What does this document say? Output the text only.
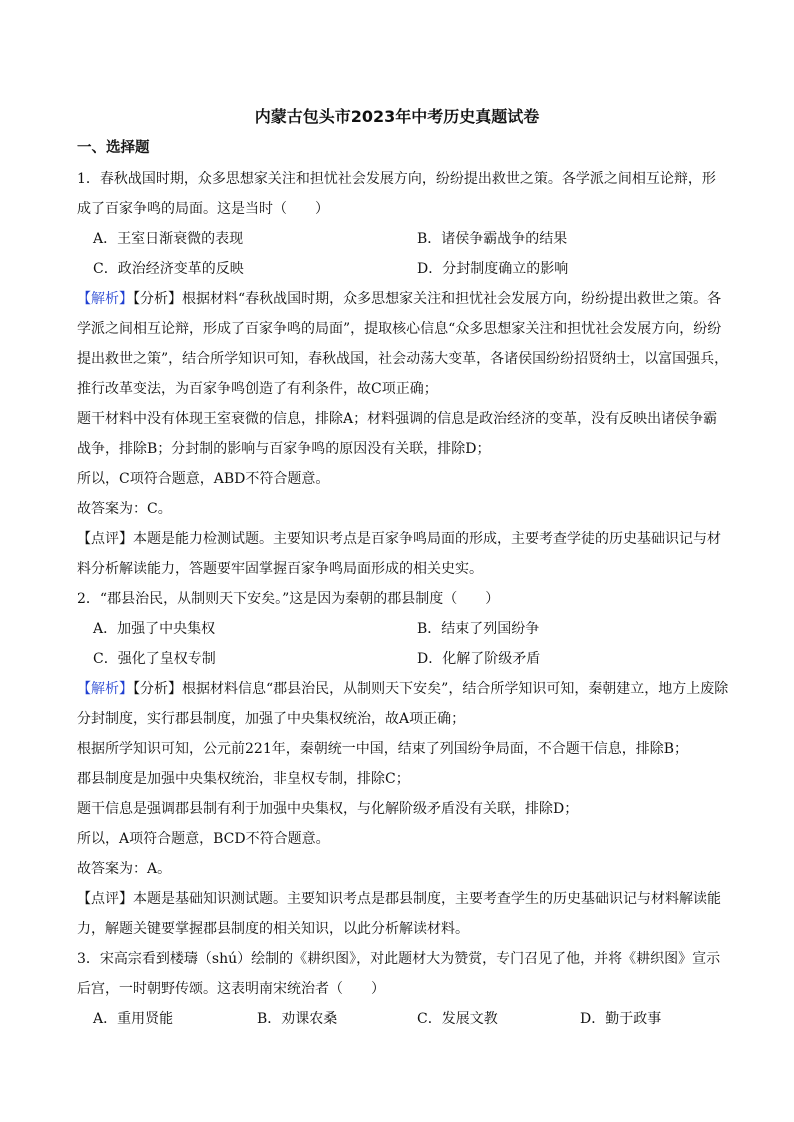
内蒙古包头市2023年中考历史真题试卷
一、选择题
1．春秋战国时期，众多思想家关注和担忧社会发展方向，纷纷提出救世之策。各学派之间相互论辩，形
成了百家争鸣的局面。这是当时（　　）
A．王室日渐衰微的表现	B．诸侯争霸战争的结果
C．政治经济变革的反映	D．分封制度确立的影响
【解析】【分析】根据材料“春秋战国时期，众多思想家关注和担忧社会发展方向，纷纷提出救世之策。各
学派之间相互论辩，形成了百家争鸣的局面”，提取核心信息“众多思想家关注和担忧社会发展方向，纷纷
提出救世之策”，结合所学知识可知，春秋战国，社会动荡大变革，各诸侯国纷纷招贤纳士，以富国强兵，
推行改革变法，为百家争鸣创造了有利条件，故C项正确；
题干材料中没有体现王室衰微的信息，排除A；材料强调的信息是政治经济的变革，没有反映出诸侯争霸
战争，排除B；分封制的影响与百家争鸣的原因没有关联，排除D；
所以，C项符合题意，ABD不符合题意。
故答案为：C。
【点评】本题是能力检测试题。主要知识考点是百家争鸣局面的形成，主要考查学徒的历史基础识记与材
料分析解读能力，答题要牢固掌握百家争鸣局面形成的相关史实。
2．“郡县治民，从制则天下安矣。”这是因为秦朝的郡县制度（　　）
A．加强了中央集权	B．结束了列国纷争
C．强化了皇权专制	D．化解了阶级矛盾
【解析】【分析】根据材料信息“郡县治民，从制则天下安矣”，结合所学知识可知，秦朝建立，地方上废除
分封制度，实行郡县制度，加强了中央集权统治，故A项正确；
根据所学知识可知，公元前221年，秦朝统一中国，结束了列国纷争局面，不合题干信息，排除B；
郡县制度是加强中央集权统治，非皇权专制，排除C；
题干信息是强调郡县制有利于加强中央集权，与化解阶级矛盾没有关联，排除D；
所以，A项符合题意，BCD不符合题意。
故答案为：A。
【点评】本题是基础知识测试题。主要知识考点是郡县制度，主要考查学生的历史基础识记与材料解读能
力，解题关键要掌握郡县制度的相关知识，以此分析解读材料。
3．宋高宗看到楼璹（shú）绘制的《耕织图》，对此题材大为赞赏，专门召见了他，并将《耕织图》宣示
后宫，一时朝野传颂。这表明南宋统治者（　　）
A．重用贤能	B．劝课农桑	C．发展文教	D．勤于政事
